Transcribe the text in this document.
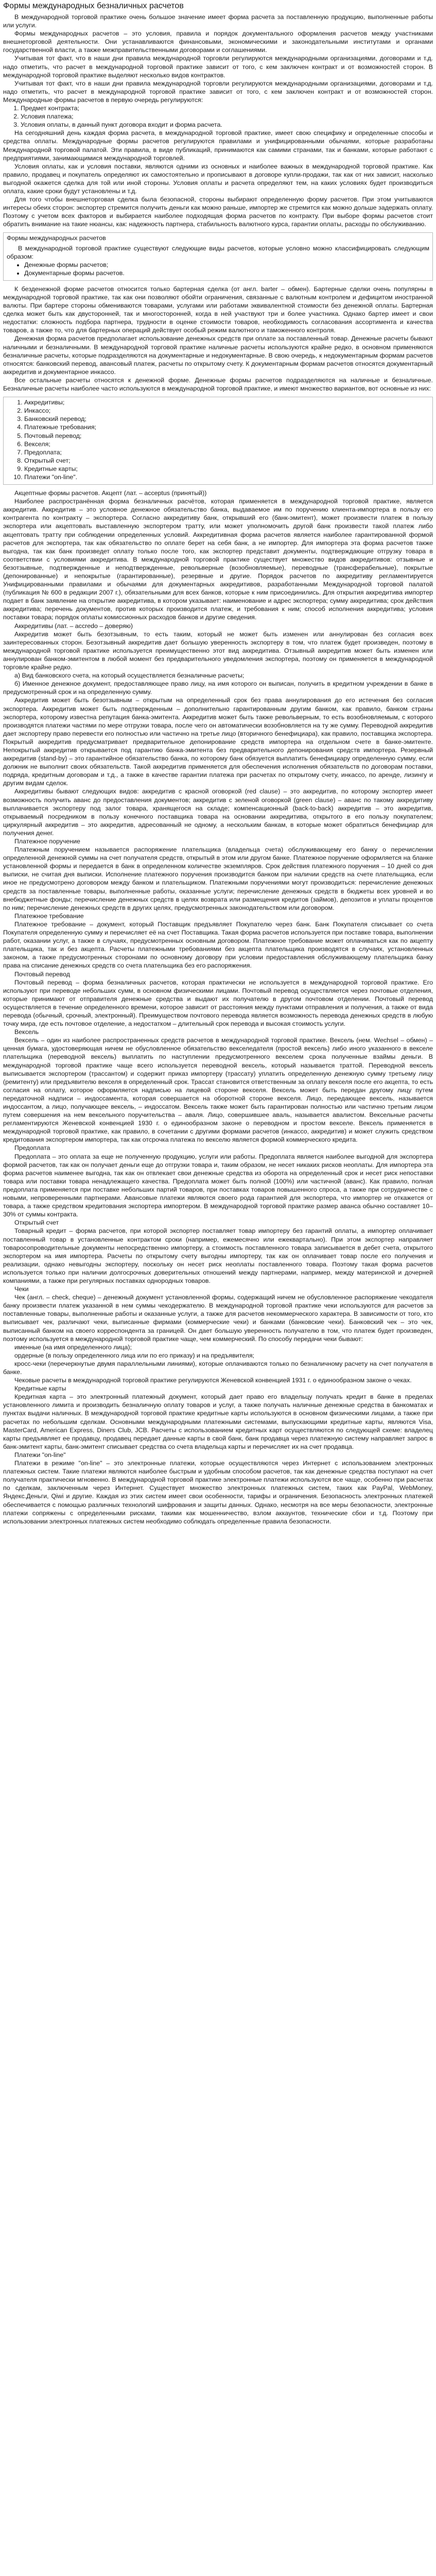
Формы международных безналичных расчетов

В международной торговой практике очень большое значение имеет форма расчета за поставленную продукцию, выполненные работы или услуги.

Формы международных расчетов – это условия, правила и порядок документального оформления расчетов между участниками внешнеторговой деятельности. Они устанавливаются финансовыми, экономическими и законодательными институтами и органами государственной власти, а также межправительственными договорами и соглашениями.

Учитывая тот факт, что в наши дни правила международной торговли регулируются международными организациями, договорами и т.д. надо отметить, что расчет в международной торговой практике зависит от того, с кем заключен контракт и от возможностей сторон. В международной торговой практике выделяют несколько видов контрактов.

Учитывая тот факт, что в наши дни правила международной торговли регулируются международными организациями, договорами и т.д. надо отметить, что расчет в международной торговой практике зависит от того, с кем заключен контракт и от возможностей сторон. Международные формы расчетов в первую очередь регулируются:

1. Предмет контракта;
2. Условия платежа;
3. Условия оплаты, в данный пункт договора входит и форма расчета.

На сегодняшний день каждая форма расчета, в международной торговой практике, имеет свою специфику и определенные способы и средства оплаты. Международные формы расчетов регулируются правилами и унифицированными обычаями, которые разработаны Международной торговой палатой. Эти правила, в виде публикаций, принимаются как самими странами, так и банками, которые работают с предприятиями, занимающимися международной торговлей.

Условия оплаты, как и условия поставки, являются одними из основных и наиболее важных в международной торговой практике. Как правило, продавец и покупатель определяют их самостоятельно и прописывают в договоре купли-продажи, так как от них зависит, насколько выгодной окажется сделка для той или иной стороны. Условия оплаты и расчета определяют тем, на каких условиях будет производиться оплата, какие сроки будут установлены и т.д.

Для того чтобы внешнеторговая сделка была безопасной, стороны выбирают определенную форму расчетов. При этом учитываются интересы обеих сторон: экспортер стремится получить деньги как можно раньше, импортер же стремится как можно дольше задержать оплату. Поэтому с учетом всех факторов и выбирается наиболее подходящая форма расчетов по контракту. При выборе формы расчетов стоит обратить внимание на такие нюансы, как: надежность партнера, стабильность валютного курса, гарантии оплаты, расходы по обслуживанию.

Формы международных расчетов

В международной торговой практике существуют следующие виды расчетов, которые условно можно классифицировать следующим образом:

• Денежные формы расчетов;
• Документарные формы расчетов.

К безденежной форме расчетов относится только бартерная сделка (от англ. barter – обмен). Бартерные сделки очень популярны в международной торговой практике, так как они позволяют обойти ограничения, связанные с валютным контролем и дефицитом иностранной валюты. При бартере стороны обмениваются товарами, услугами или работами эквивалентной стоимости без денежной оплаты. Бартерная сделка может быть как двусторонней, так и многосторонней, когда в ней участвуют три и более участника. Однако бартер имеет и свои недостатки: сложность подбора партнера, трудности в оценке стоимости товаров, необходимость согласования ассортимента и качества товаров, а также то, что для бартерных операций действует особый режим валютного и таможенного контроля.

Денежная форма расчетов предполагает использование денежных средств при оплате за поставленный товар. Денежные расчеты бывают наличными и безналичными. В международной торговой практике наличные расчеты используются крайне редко, в основном применяются безналичные расчеты, которые подразделяются на документарные и недокументарные. В свою очередь, к недокументарным формам расчетов относятся: банковский перевод, авансовый платеж, расчеты по открытому счету. К документарным формам расчетов относятся документарный аккредитив и документарное инкассо.

Все остальные расчеты относятся к денежной форме. Денежные формы расчетов подразделяются на наличные и безналичные. Безналичные расчеты наиболее часто используются в международной торговой практике, и имеют множество вариантов, вот основные из них:

1. Аккредитивы;
2. Инкассо;
3. Банковский перевод;
4. Платежные требования;
5. Почтовый перевод;
6. Векселя;
7. Предоплата;
8. Открытый счет;
9. Кредитные карты;
10. Платежи "on-line".

Акцептные формы расчетов. Акцепт (лат. – acceptus (принятый))

Наиболее распространённая форма безналичных расчётов, которая применяется в международной торговой практике, является аккредитив. Аккредитив – это условное денежное обязательство банка, выдаваемое им по поручению клиента-импортера в пользу его контрагента по контракту – экспортера. Согласно аккредитиву банк, открывший его (банк-эмитент), может произвести платеж в пользу экспортера или акцептовать выставленную экспортером тратту, или может уполномочить другой банк произвести такой платеж либо акцептовать тратту при соблюдении определенных условий. Аккредитивная форма расчетов является наиболее гарантированной формой расчетов для экспортера, так как обязательство по оплате берет на себя банк, а не импортер. Для импортера эта форма расчетов также выгодна, так как банк произведет оплату только после того, как экспортер представит документы, подтверждающие отгрузку товара в соответствии с условиями аккредитива. В международной торговой практике существует множество видов аккредитивов: отзывные и безотзывные, подтвержденные и неподтвержденные, револьверные (возобновляемые), переводные (трансферабельные), покрытые (депонированные) и непокрытые (гарантированные), резервные и другие. Порядок расчетов по аккредитиву регламентируется Унифицированными правилами и обычаями для документарных аккредитивов, разработанными Международной торговой палатой (публикация № 600 в редакции 2007 г.), обязательными для всех банков, которые к ним присоединились. Для открытия аккредитива импортер подает в банк заявление на открытие аккредитива, в котором указывает: наименование и адрес экспортера; сумму аккредитива; срок действия аккредитива; перечень документов, против которых производится платеж, и требования к ним; способ исполнения аккредитива; условия поставки товара; порядок оплаты комиссионных расходов банков и другие сведения.

Аккредитивы (лат. – accredo – доверяю)

Аккредитив может быть безотзывным, то есть таким, который не может быть изменен или аннулирован без согласия всех заинтересованных сторон. Безотзывный аккредитив дает большую уверенность экспортеру в том, что платеж будет произведен, поэтому в международной торговой практике используется преимущественно этот вид аккредитива. Отзывный аккредитив может быть изменен или аннулирован банком-эмитентом в любой момент без предварительного уведомления экспортера, поэтому он применяется в международной торговле крайне редко.

а) Вид банковского счета, на который осуществляется безналичные расчеты;

б) Именное денежное документ, предоставляющее право лицу, на имя которого он выписан, получить в кредитном учреждении в банке в предусмотренный срок и на определенную сумму.

Аккредитив может быть безотзывным – открытым на определенный срок без права аннулирования до его истечения без согласия экспортера. Аккредитив может быть подтвержденным – дополнительно гарантированным другим банком, как правило, банком страны экспортера, которому известна репутация банка-эмитента. Аккредитив может быть также револьверным, то есть возобновляемым, с которого производятся платежи частями по мере отгрузки товара, после чего он автоматически возобновляется на ту же сумму. Переводной аккредитив дает экспортеру право перевести его полностью или частично на третье лицо (вторичного бенефициара), как правило, поставщика экспортера. Покрытый аккредитив предусматривает предварительное депонирование средств импортера на отдельном счете в банке-эмитенте. Непокрытый аккредитив открывается под гарантию банка-эмитента без предварительного депонирования средств импортера. Резервный аккредитив (stand-by) – это гарантийное обязательство банка, по которому банк обязуется выплатить бенефициару определенную сумму, если должник не выполнит своих обязательств. Такой аккредитив применяется для обеспечения исполнения обязательств по договорам поставки, подряда, кредитным договорам и т.д., а также в качестве гарантии платежа при расчетах по открытому счету, инкассо, по аренде, лизингу и другим видам сделок.

Аккредитивы бывают следующих видов: аккредитив с красной оговоркой (red clause) – это аккредитив, по которому экспортер имеет возможность получить аванс до предоставления документов; аккредитив с зеленой оговоркой (green clause) – аванс по такому аккредитиву выплачивается экспортеру под залог товара, хранящегося на складе; компенсационный (back-to-back) аккредитив – это аккредитив, открываемый посредником в пользу конечного поставщика товара на основании аккредитива, открытого в его пользу покупателем; циркулярный аккредитив – это аккредитив, адресованный не одному, а нескольким банкам, в которые может обратиться бенефициар для получения денег.

Платежное поручение

Платежным поручением называется распоряжение плательщика (владельца счета) обслуживающему его банку о перечислении определенной денежной суммы на счет получателя средств, открытый в этом или другом банке. Платежное поручение оформляется на бланке установленной формы и передается в банк в определенном количестве экземпляров. Срок действия платежного поручения – 10 дней со дня выписки, не считая дня выписки. Исполнение платежного поручения производится банком при наличии средств на счете плательщика, если иное не предусмотрено договором между банком и плательщиком. Платежными поручениями могут производиться: перечисление денежных средств за поставленные товары, выполненные работы, оказанные услуги; перечисление денежных средств в бюджеты всех уровней и во внебюджетные фонды; перечисление денежных средств в целях возврата или размещения кредитов (займов), депозитов и уплаты процентов по ним; перечисление денежных средств в других целях, предусмотренных законодательством или договором.

Платежное требование

Платежное требование – документ, который Поставщик предъявляет Покупателю через банк. Банк Покупателя списывает со счета Покупателя определенную сумму и перечисляет её на счет Поставщика. Такая форма расчетов используется при поставке товара, выполнении работ, оказании услуг, а также в случаях, предусмотренных основным договором. Платежное требование может оплачиваться как по акцепту плательщика, так и без акцепта. Расчеты платежными требованиями без акцепта плательщика производятся в случаях, установленных законом, а также предусмотренных сторонами по основному договору при условии предоставления обслуживающему плательщика банку права на списание денежных средств со счета плательщика без его распоряжения.

Почтовый перевод

Почтовый перевод – форма безналичных расчетов, которая практически не используется в международной торговой практике. Его используют при переводе небольших сумм, в основном физическими лицами. Почтовый перевод осуществляется через почтовые отделения, которые принимают от отправителя денежные средства и выдают их получателю в другом почтовом отделении. Почтовый перевод осуществляется в течение определенного времени, которое зависит от расстояния между пунктами отправления и получения, а также от вида перевода (обычный, срочный, электронный). Преимуществом почтового перевода является возможность перевода денежных средств в любую точку мира, где есть почтовое отделение, а недостатком – длительный срок перевода и высокая стоимость услуги.

Вексель

Вексель – один из наиболее распространенных средств расчетов в международной торговой практике. Вексель (нем. Wechsel – обмен) – ценная бумага, удостоверяющая ничем не обусловленное обязательство векселедателя (простой вексель) либо иного указанного в векселе плательщика (переводной вексель) выплатить по наступлении предусмотренного векселем срока полученные взаймы деньги. В международной торговой практике чаще всего используется переводной вексель, который называется траттой. Переводной вексель выписывается экспортером (трассантом) и содержит приказ импортеру (трассату) уплатить определенную денежную сумму третьему лицу (ремитенту) или предъявителю векселя в определенный срок. Трассат становится ответственным за оплату векселя после его акцепта, то есть согласия на оплату, которое оформляется надписью на лицевой стороне векселя. Вексель может быть передан другому лицу путем передаточной надписи – индоссамента, которая совершается на оборотной стороне векселя. Лицо, передающее вексель, называется индоссантом, а лицо, получающее вексель, – индоссатом. Вексель также может быть гарантирован полностью или частично третьим лицом путем совершения на нем вексельного поручительства – аваля. Лицо, совершившее аваль, называется авалистом. Вексельные расчеты регламентируются Женевской конвенцией 1930 г. о единообразном законе о переводном и простом векселе. Вексель применяется в международной торговой практике, как правило, в сочетании с другими формами расчетов (инкассо, аккредитив) и может служить средством кредитования экспортером импортера, так как отсрочка платежа по векселю является формой коммерческого кредита.

Предоплата

Предоплата – это оплата за еще не полученную продукцию, услуги или работы. Предоплата является наиболее выгодной для экспортера формой расчетов, так как он получает деньги еще до отгрузки товара и, таким образом, не несет никаких рисков неоплаты. Для импортера эта форма расчетов наименее выгодна, так как он отвлекает свои денежные средства из оборота на определенный срок и несет риск непоставки товара или поставки товара ненадлежащего качества. Предоплата может быть полной (100%) или частичной (аванс). Как правило, полная предоплата применяется при поставке небольших партий товаров, при поставках товаров повышенного спроса, а также при сотрудничестве с новыми, непроверенными партнерами. Авансовые платежи являются своего рода гарантией для экспортера, что импортер не откажется от товара, а также средством кредитования экспортера импортером. В международной торговой практике размер аванса обычно составляет 10–30% от суммы контракта.

Открытый счет

Товарный кредит – форма расчетов, при которой экспортер поставляет товар импортеру без гарантий оплаты, а импортер оплачивает поставленный товар в установленные контрактом сроки (например, ежемесячно или ежеквартально). При этом экспортер направляет товаросопроводительные документы непосредственно импортеру, а стоимость поставленного товара записывается в дебет счета, открытого экспортером на имя импортера. Расчеты по открытому счету выгодны импортеру, так как он оплачивает товар после его получения и реализации, однако невыгодны экспортеру, поскольку он несет риск неоплаты поставленного товара. Поэтому такая форма расчетов используется только при наличии долгосрочных доверительных отношений между партнерами, например, между материнской и дочерней компаниями, а также при регулярных поставках однородных товаров.

Чеки

Чек (англ. – check, cheque) – денежный документ установленной формы, содержащий ничем не обусловленное распоряжение чекодателя банку произвести платеж указанной в нем суммы чекодержателю. В международной торговой практике чеки используются для расчетов за поставленные товары, выполненные работы и оказанные услуги, а также для расчетов некоммерческого характера. В зависимости от того, кто выписывает чек, различают чеки, выписанные фирмами (коммерческие чеки) и банками (банковские чеки). Банковский чек – это чек, выписанный банком на своего корреспондента за границей. Он дает большую уверенность получателю в том, что платеж будет произведен, поэтому используется в международной торговой практике чаще, чем коммерческий. По способу передачи чеки бывают:

именные (на имя определенного лица);

ордерные (в пользу определенного лица или по его приказу) и на предъявителя;

кросс-чеки (перечеркнутые двумя параллельными линиями), которые оплачиваются только по безналичному расчету на счет получателя в банке.

Чековые расчеты в международной торговой практике регулируются Женевской конвенцией 1931 г. о единообразном законе о чеках.

Кредитные карты

Кредитная карта – это электронный платежный документ, который дает право его владельцу получать кредит в банке в пределах установленного лимита и производить безналичную оплату товаров и услуг, а также получать наличные денежные средства в банкоматах и пунктах выдачи наличных. В международной торговой практике кредитные карты используются в основном физическими лицами, а также при расчетах по небольшим сделкам. Основными международными платежными системами, выпускающими кредитные карты, являются Visa, MasterCard, American Express, Diners Club, JCB. Расчеты с использованием кредитных карт осуществляются по следующей схеме: владелец карты предъявляет ее продавцу, продавец передает данные карты в свой банк, банк продавца через платежную систему направляет запрос в банк-эмитент карты, банк-эмитент списывает средства со счета владельца карты и перечисляет их на счет продавца.

Платежи "on-line"

Платежи в режиме "on-line" – это электронные платежи, которые осуществляются через Интернет с использованием электронных платежных систем. Такие платежи являются наиболее быстрым и удобным способом расчетов, так как денежные средства поступают на счет получателя практически мгновенно. В международной торговой практике электронные платежи используются все чаще, особенно при расчетах по сделкам, заключенным через Интернет. Существует множество электронных платежных систем, таких как PayPal, WebMoney, Яндекс.Деньги, Qiwi и другие. Каждая из этих систем имеет свои особенности, тарифы и ограничения. Безопасность электронных платежей обеспечивается с помощью различных технологий шифрования и защиты данных. Однако, несмотря на все меры безопасности, электронные платежи сопряжены с определенными рисками, такими как мошенничество, взлом аккаунтов, технические сбои и т.д. Поэтому при использовании электронных платежных систем необходимо соблюдать определенные правила безопасности.
